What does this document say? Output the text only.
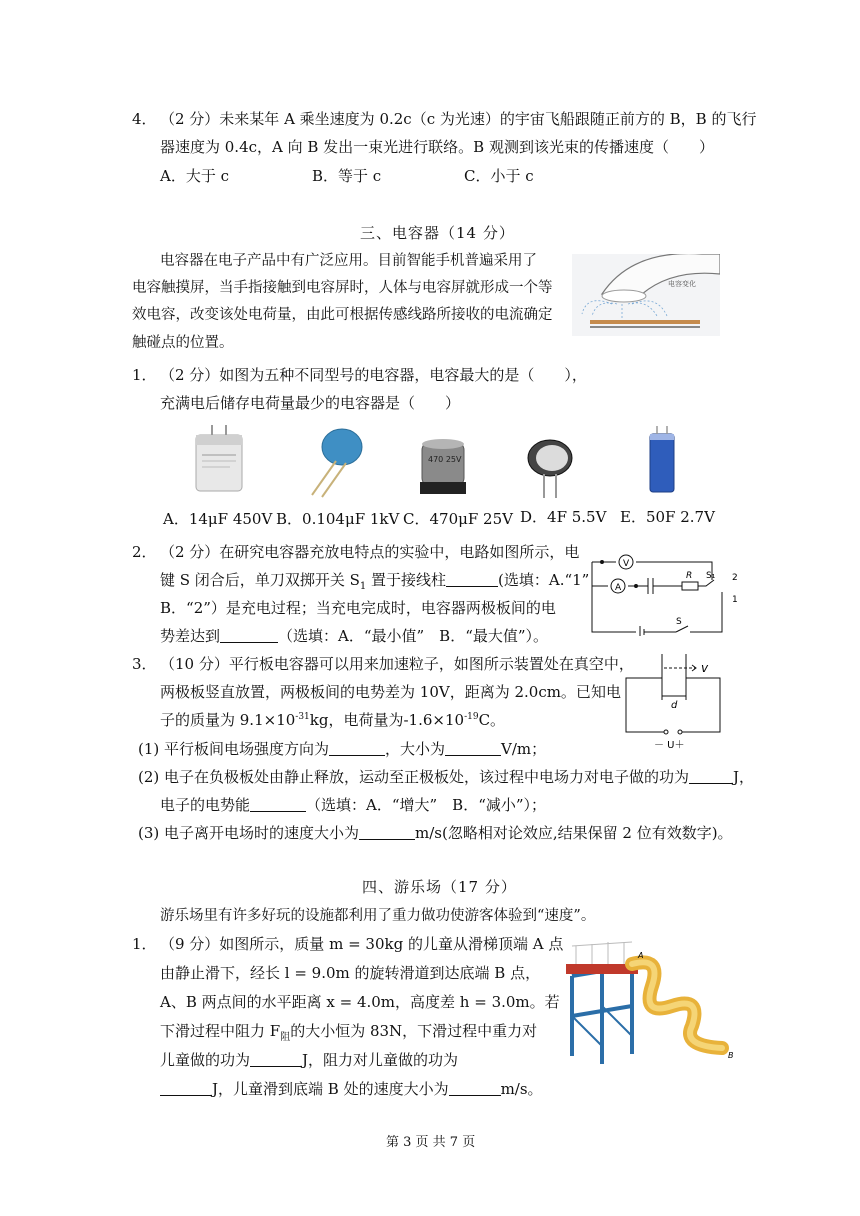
4． （2 分）未来某年 A 乘坐速度为 0.2c（c 为光速）的宇宙飞船跟随正前方的 B，B 的飞行
器速度为 0.4c，A 向 B 发出一束光进行联络。B 观测到该光束的传播速度（　　）
A．大于 c	B．等于 c	C．小于 c
三、电容器（14 分）
电容器在电子产品中有广泛应用。目前智能手机普遍采用了
电容触摸屏，当手指接触到电容屏时，人体与电容屏就形成一个等
效电容，改变该处电荷量，由此可根据传感线路所接收的电流确定
触碰点的位置。
电容变化
1． （2 分）如图为五种不同型号的电容器，电容最大的是（　　），
充满电后储存电荷量最少的电容器是（　　）
470 25V
A．14μF 450V B．0.104μF 1kV C．470μF 25V D．4F 5.5V E．50F 2.7V
2． （2 分）在研究电容器充放电特点的实验中，电路如图所示，电
键 S 闭合后，单刀双掷开关 $S_1$ 置于接线柱	(选填：A.“1”
B．“2”）是充电过程；当充电完成时，电容器两极板间的电
势差达到	（选填：A．“最小值”　B．“最大值”）。
V
A
R S₁
S
2
1
3． （10 分）平行板电容器可以用来加速粒子，如图所示装置处在真空中，
两极板竖直放置，两极板间的电势差为 10V，距离为 2.0cm。已知电
子的质量为 $9.1\times 10^{-31}kg$，电荷量为$-1.6\times 10^{-19}C$。
(1) 平行板间电场强度方向为	，大小为	V/m；
(2) 电子在负极板处由静止释放，运动至正极板处，该过程中电场力对电子做的功为	J，
电子的电势能	（选填：A．“增大”　B．“减小”）；
(3) 电子离开电场时的速度大小为	m/s(忽略相对论效应,结果保留 2 位有效数字)。
v
d
－ U＋
四、游乐场（17 分）
游乐场里有许多好玩的设施都利用了重力做功使游客体验到“速度”。
1． （9 分）如图所示，质量 m = 30kg 的儿童从滑梯顶端 A 点
由静止滑下，经长 l = 9.0m 的旋转滑道到达底端 B 点，
A、B 两点间的水平距离 x = 4.0m，高度差 h = 3.0m。若
下滑过程中阻力 $F_阻$的大小恒为 83N，下滑过程中重力对
儿童做的功为	J，阻力对儿童做的功为
J，儿童滑到底端 B 处的速度大小为	m/s。
A
B
第 3 页 共 7 页
